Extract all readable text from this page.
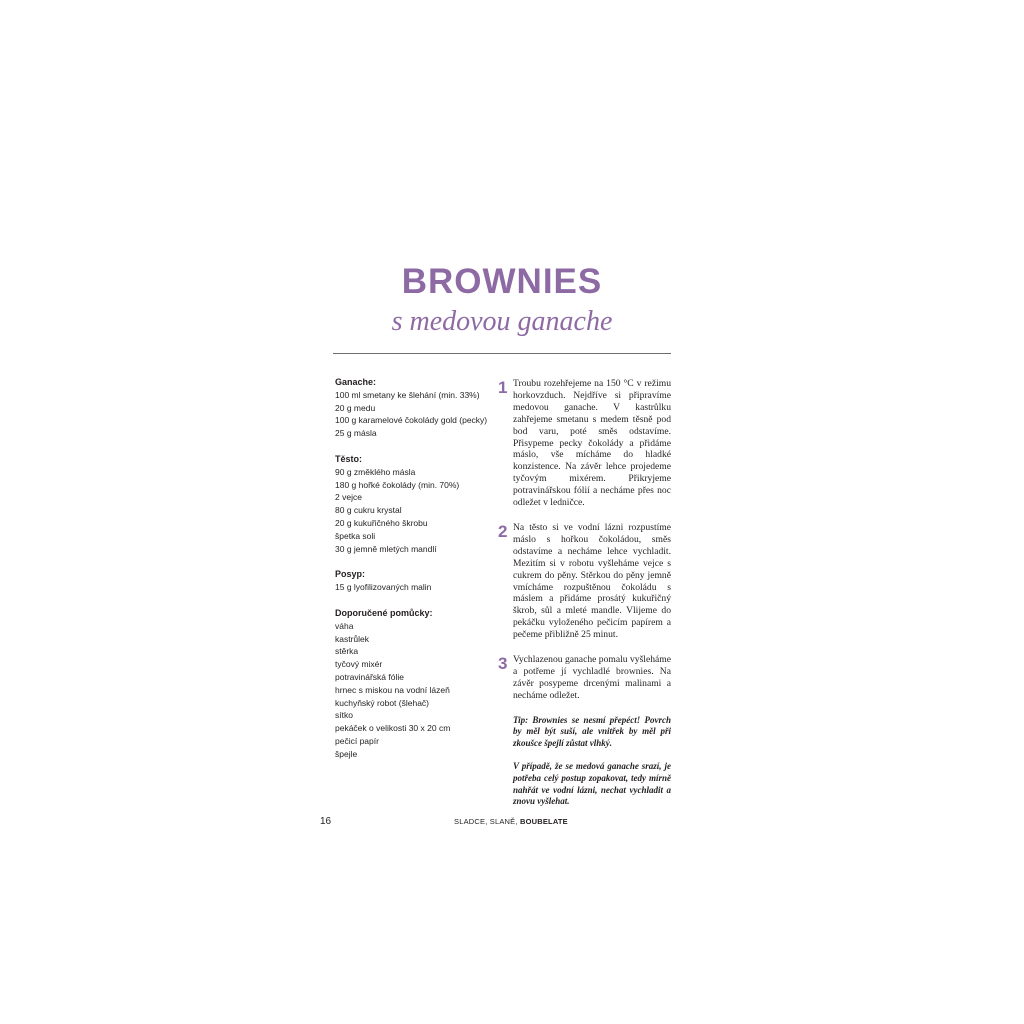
BROWNIES
s medovou ganache
Ganache:
100 ml smetany ke šlehání (min. 33%)
20 g medu
100 g karamelové čokolády gold (pecky)
25 g másla
Těsto:
90 g změklého másla
180 g hořké čokolády (min. 70%)
2 vejce
80 g cukru krystal
20 g kukuřičného škrobu
špetka soli
30 g jemně mletých mandlí
Posyp:
15 g lyofilizovaných malin
Doporučené pomůcky:
váha
kastrůlek
stěrka
tyčový mixér
potravinářská fólie
hrnec s miskou na vodní lázeň
kuchyňský robot (šlehač)
sítko
pekáček o velikosti 30 x 20 cm
pečicí papír
špejle
1 Troubu rozehřejeme na 150 °C v režimu horkovzduch. Nejdříve si připravíme medovou ganache. V kastrůlku zahřejeme smetanu s medem těsně pod bod varu, poté směs odstavíme. Přisypeme pecky čokolády a přidáme máslo, vše mícháme do hladké konzistence. Na závěr lehce projedeme tyčovým mixérem. Přikryjeme potravinářskou fólií a necháme přes noc odležet v ledničce.
2 Na těsto si ve vodní lázni rozpustíme máslo s hořkou čokoládou, směs odstavíme a necháme lehce vychladit. Mezitím si v robotu vyšleháme vejce s cukrem do pěny. Stěrkou do pěny jemně vmícháme rozpuštěnou čokoládu s máslem a přidáme prosátý kukuřičný škrob, sůl a mleté mandle. Vlijeme do pekáčku vyloženého pečicím papírem a pečeme přibližně 25 minut.
3 Vychlazenou ganache pomalu vyšleháme a potřeme jí vychladlé brownies. Na závěr posypeme drcenými malinami a necháme odležet.
Tip: Brownies se nesmí přepéct! Povrch by měl být suší, ale vnitřek by měl při zkoušce špejlí zůstat vlhký.
V případě, že se medová ganache srazí, je potřeba celý postup zopakovat, tedy mírně nahřát ve vodní lázni, nechat vychladit a znovu vyšlehat.
16	SLADCE, SLANĚ, BOUBELATE
